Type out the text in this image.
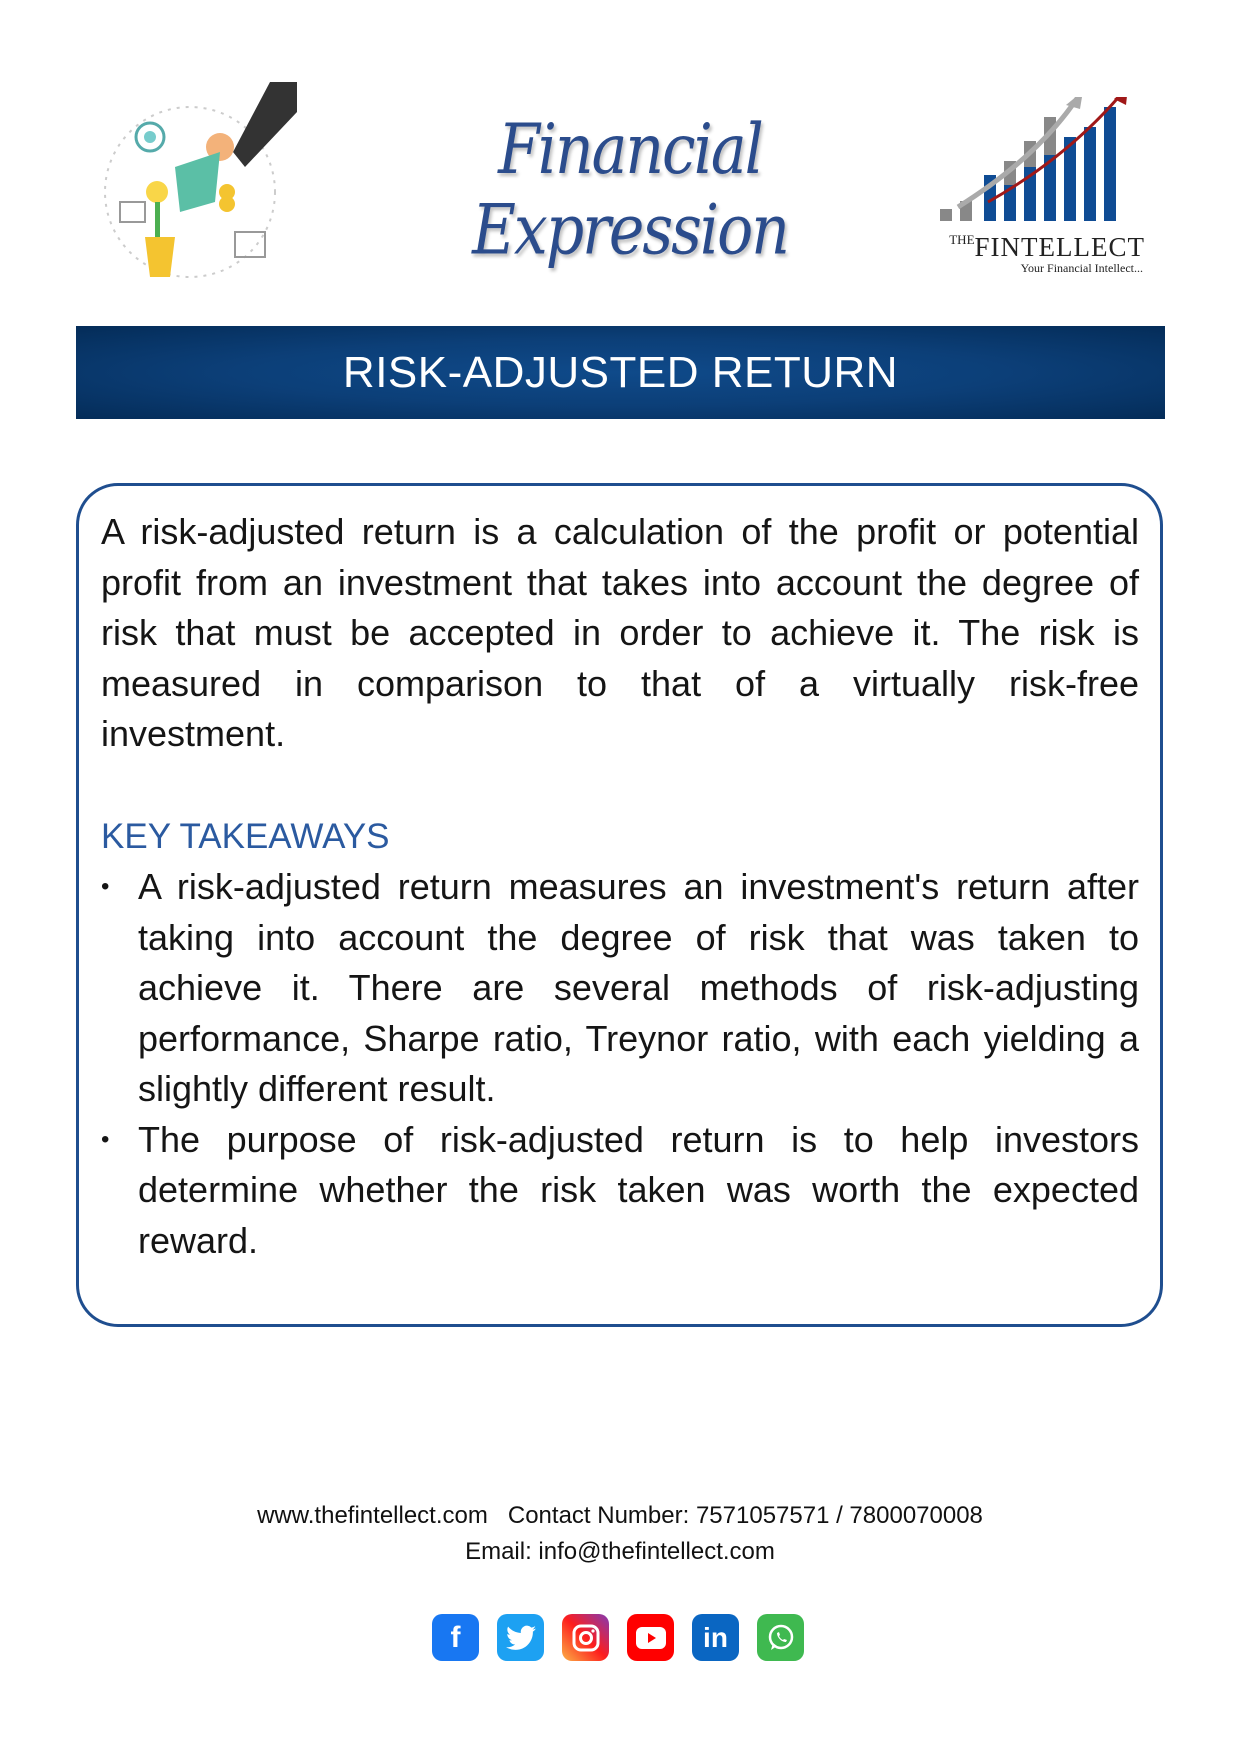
Financial Expression	$^{THE}$FINTELLECT
Your Financial Intellect...
RISK-ADJUSTED RETURN

A risk-adjusted return is a calculation of the profit or potential profit from an investment that takes into account the degree of risk that must be accepted in order to achieve it. The risk is measured in comparison to that of a virtually risk-free investment.

KEY TAKEAWAYS

• A risk-adjusted return measures an investment's return after taking into account the degree of risk that was taken to achieve it. There are several methods of risk-adjusting performance, Sharpe ratio, Treynor ratio, with each yielding a slightly different result.
• The purpose of risk-adjusted return is to help investors determine whether the risk taken was worth the expected reward.
www.thefintellect.com Contact Number: 7571057571 / 7800070008
Email: info@thefintellect.com
f	in
